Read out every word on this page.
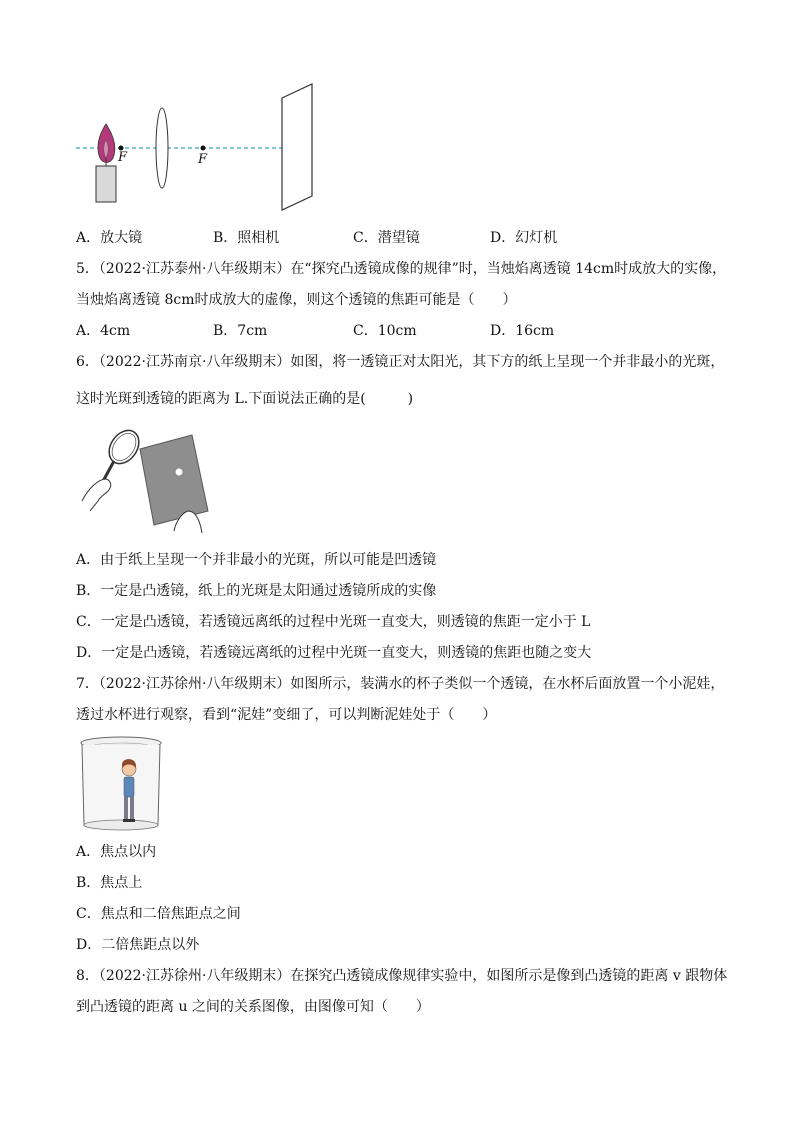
F	F
A．放大镜	B．照相机	C．潜望镜	D．幻灯机
5．（2022·江苏泰州·八年级期末）在“探究凸透镜成像的规律”时，当烛焰离透镜 14cm时成放大的实像，
当烛焰离透镜 8cm时成放大的虚像，则这个透镜的焦距可能是（　　）
A．4cm	B．7cm	C．10cm	D．16cm
6．（2022·江苏南京·八年级期末）如图，将一透镜正对太阳光，其下方的纸上呈现一个并非最小的光斑，
这时光斑到透镜的距离为 L.下面说法正确的是(　　　)
A．由于纸上呈现一个并非最小的光斑，所以可能是凹透镜
B．一定是凸透镜，纸上的光斑是太阳通过透镜所成的实像
C．一定是凸透镜，若透镜远离纸的过程中光斑一直变大，则透镜的焦距一定小于 L
D．一定是凸透镜，若透镜远离纸的过程中光斑一直变大，则透镜的焦距也随之变大
7．（2022·江苏徐州·八年级期末）如图所示，装满水的杯子类似一个透镜，在水杯后面放置一个小泥娃，
透过水杯进行观察，看到“泥娃”变细了，可以判断泥娃处于（　　）
A．焦点以内
B．焦点上
C．焦点和二倍焦距点之间
D．二倍焦距点以外
8．（2022·江苏徐州·八年级期末）在探究凸透镜成像规律实验中，如图所示是像到凸透镜的距离 v 跟物体
到凸透镜的距离 u 之间的关系图像，由图像可知（　　）
